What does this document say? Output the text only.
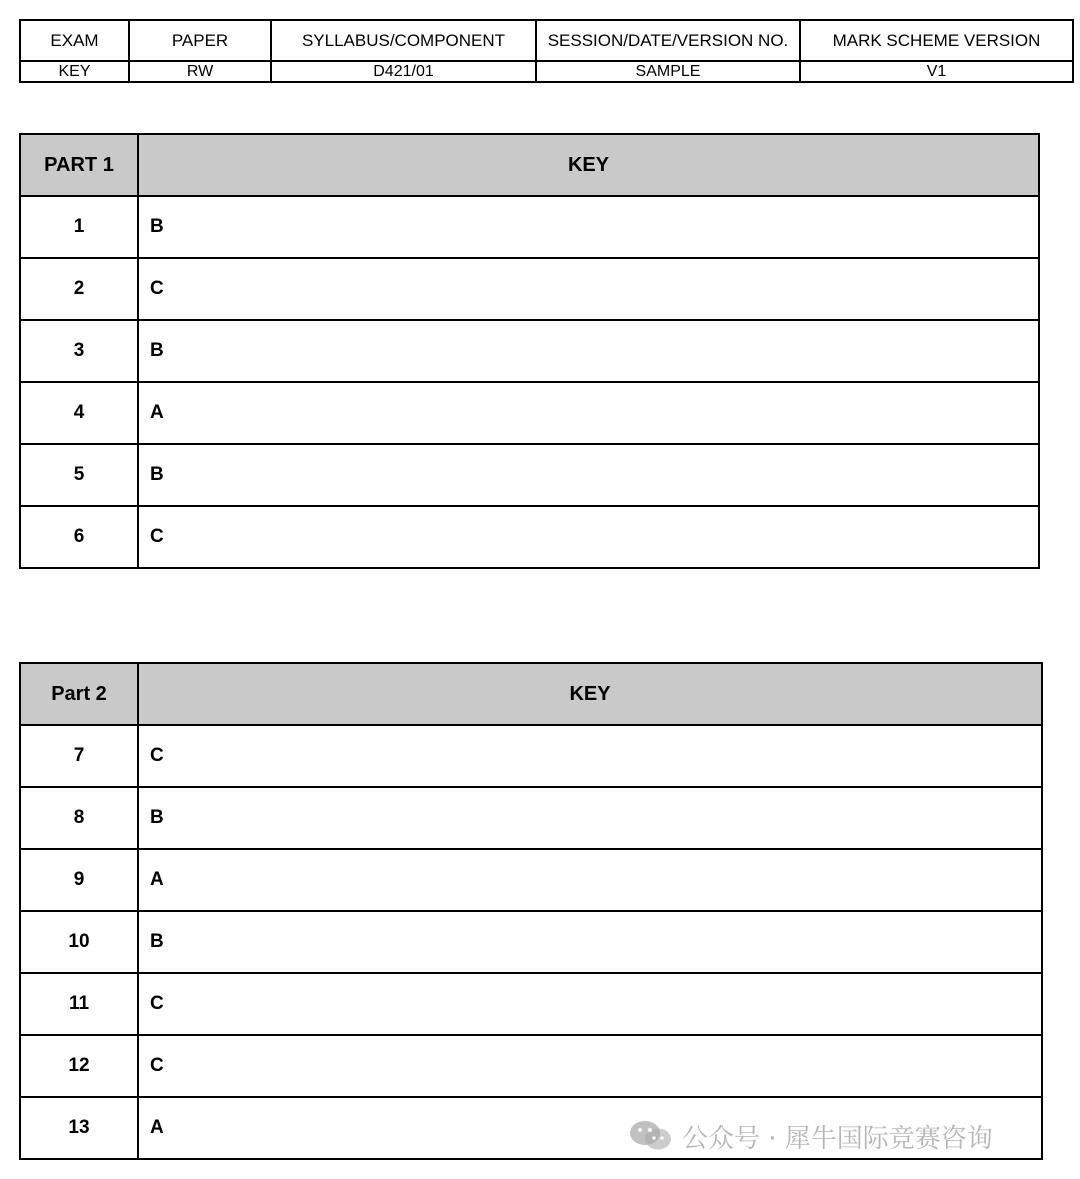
EXAM	PAPER	SYLLABUS/COMPONENT	SESSION/DATE/VERSION NO.	MARK SCHEME VERSION
KEY	RW	D421/01	SAMPLE	V1
PART 1	KEY
1	B
2	C
3	B
4	A
5	B
6	C
Part 2	KEY
7	C
8	B
9	A
10	B
11	C
12	C
13	A	公众号 · 犀牛国际竞赛咨询
